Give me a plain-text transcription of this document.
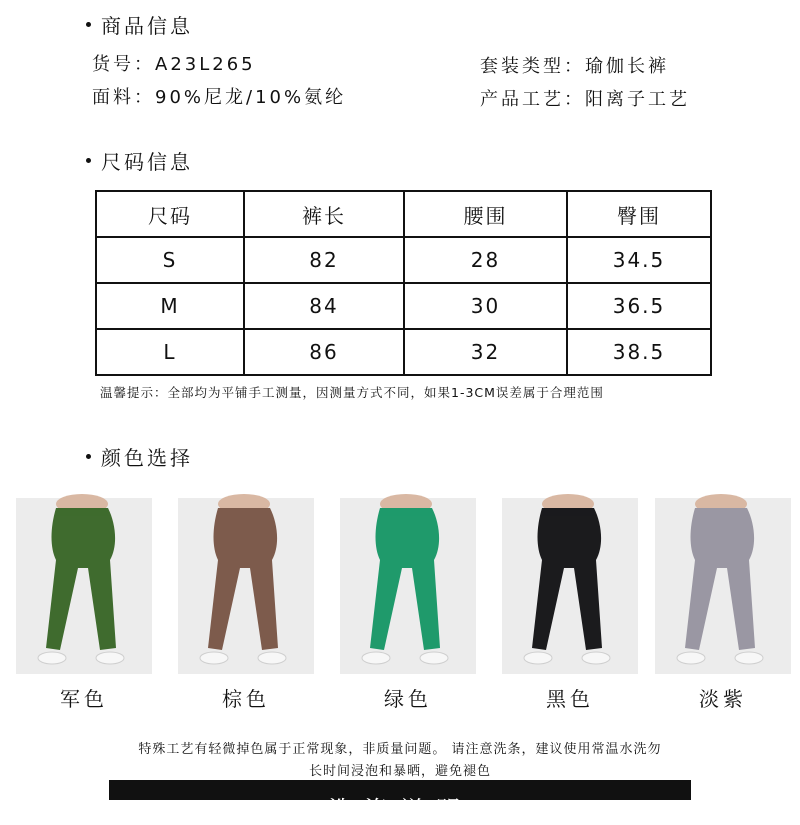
商品信息
货号：A23L265
面料：90%尼龙/10%氨纶
套装类型：瑜伽长裤
产品工艺：阳离子工艺
尺码信息
尺码	裤长	腰围	臀围
S	82	28	34.5
M	84	30	36.5
L	86	32	38.5
温馨提示：全部均为平铺手工测量，因测量方式不同，如果1-3CM误差属于合理范围
颜色选择
军色	棕色	绿色	黑色	淡紫
特殊工艺有轻微掉色属于正常现象，非质量问题。 请注意洗条，建议使用常温水洗勿
长时间浸泡和暴晒，避免褪色
洗涤说明
